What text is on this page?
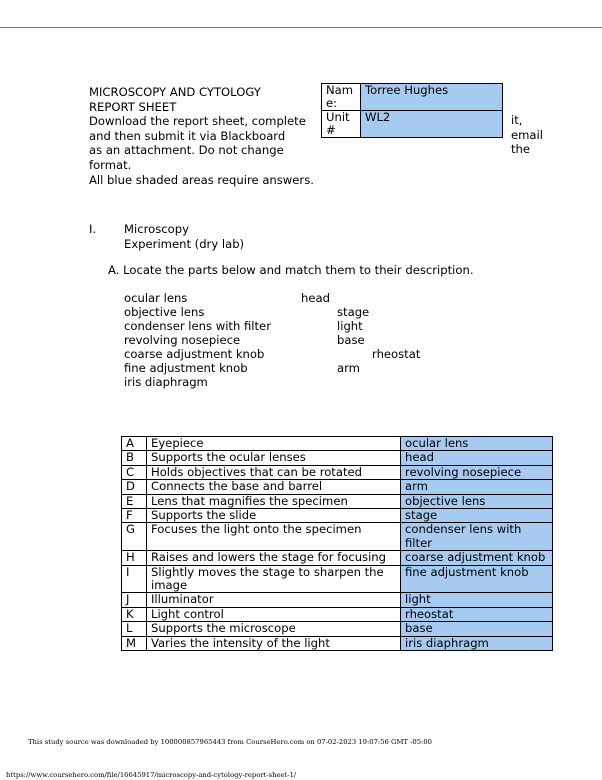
MICROSCOPY AND CYTOLOGY
REPORT SHEET
Download the report sheet, complete
and then submit it via Blackboard
as an attachment. Do not change
format.
All blue shaded areas require answers.
Nam
e:	Torree Hughes
Unit
#	WL2	it,
email
the
I. Microscopy
Experiment (dry lab)
A. Locate the parts below and match them to their description.
ocular lens
objective lens
condenser lens with filter
revolving nosepiece
coarse adjustment knob
fine adjustment knob
iris diaphragm
head
stage
light
base
rheostat
arm
A	Eyepiece	ocular lens
B	Supports the ocular lenses	head
C	Holds objectives that can be rotated	revolving nosepiece
D	Connects the base and barrel	arm
E	Lens that magnifies the specimen	objective lens
F	Supports the slide	stage
G	Focuses the light onto the specimen	condenser lens with filter
H	Raises and lowers the stage for focusing	coarse adjustment knob
I	Slightly moves the stage to sharpen the image	fine adjustment knob
J	Illuminator	light
K	Light control	rheostat
L	Supports the microscope	base
M	Varies the intensity of the light	iris diaphragm
This study source was downloaded by 100000857965443 from CourseHero.com on 07-02-2023 19:07:56 GMT -05:00
https://www.coursehero.com/file/16645917/microscopy-and-cytology-report-sheet-1/
